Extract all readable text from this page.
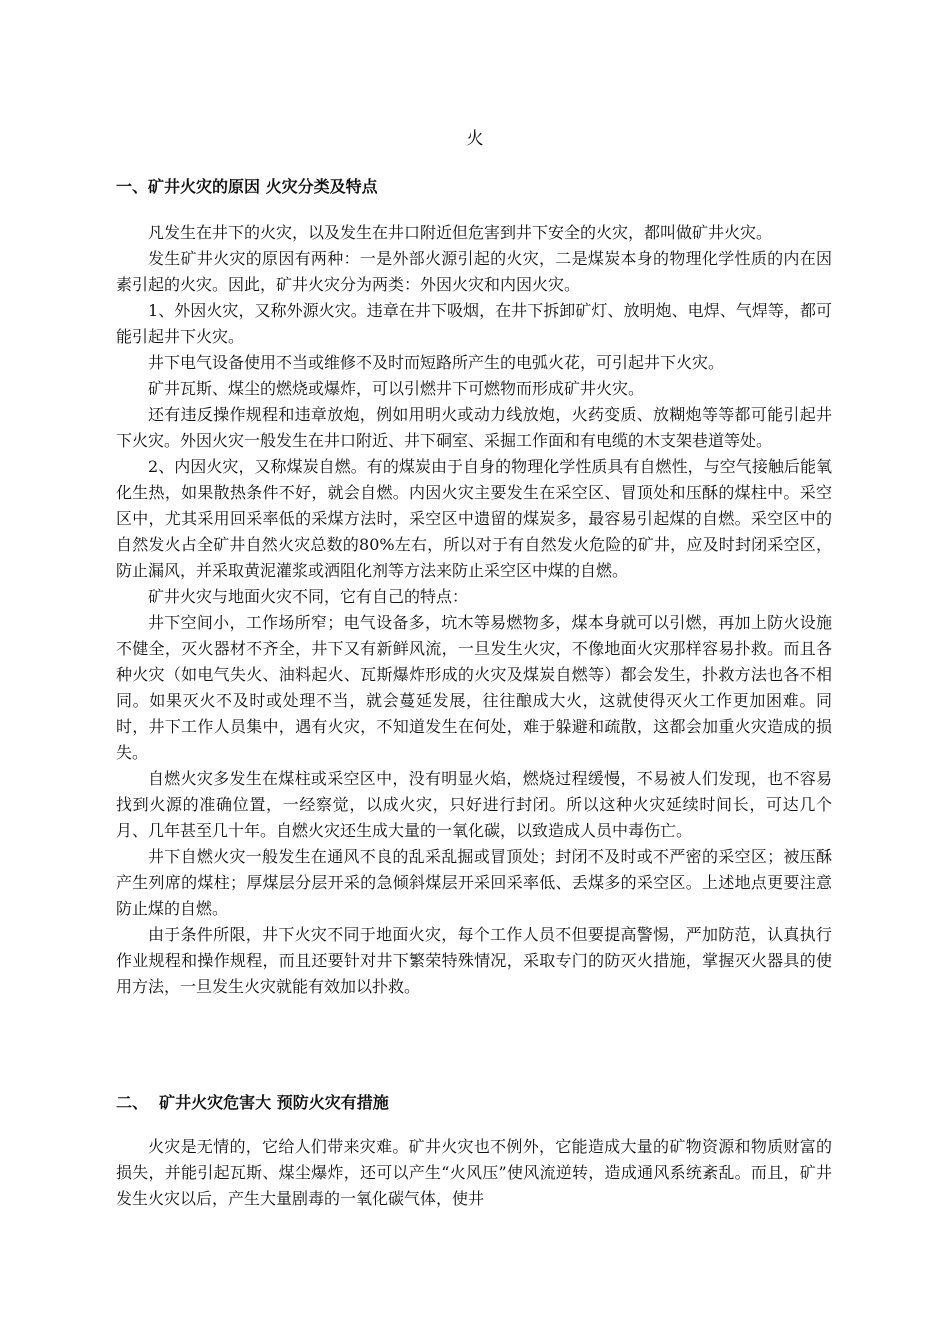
火
一、矿井火灾的原因 火灾分类及特点

凡发生在井下的火灾，以及发生在井口附近但危害到井下安全的火灾，都叫做矿井火灾。

发生矿井火灾的原因有两种：一是外部火源引起的火灾，二是煤炭本身的物理化学性质的内在因素引起的火灾。因此，矿井火灾分为两类：外因火灾和内因火灾。

1、外因火灾，又称外源火灾。违章在井下吸烟，在井下拆卸矿灯、放明炮、电焊、气焊等，都可能引起井下火灾。

井下电气设备使用不当或维修不及时而短路所产生的电弧火花，可引起井下火灾。

矿井瓦斯、煤尘的燃烧或爆炸，可以引燃井下可燃物而形成矿井火灾。

还有违反操作规程和违章放炮，例如用明火或动力线放炮，火药变质、放糊炮等等都可能引起井下火灾。外因火灾一般发生在井口附近、井下硐室、采掘工作面和有电缆的木支架巷道等处。

2、内因火灾，又称煤炭自燃。有的煤炭由于自身的物理化学性质具有自燃性，与空气接触后能氧化生热，如果散热条件不好，就会自燃。内因火灾主要发生在采空区、冒顶处和压酥的煤柱中。采空区中，尤其采用回采率低的采煤方法时，采空区中遗留的煤炭多，最容易引起煤的自燃。采空区中的自然发火占全矿井自然火灾总数的80%左右，所以对于有自然发火危险的矿井，应及时封闭采空区，防止漏风，并采取黄泥灌浆或洒阻化剂等方法来防止采空区中煤的自燃。

矿井火灾与地面火灾不同，它有自己的特点：

井下空间小，工作场所窄；电气设备多，坑木等易燃物多，煤本身就可以引燃，再加上防火设施不健全，灭火器材不齐全，井下又有新鲜风流，一旦发生火灾，不像地面火灾那样容易扑救。而且各种火灾（如电气失火、油料起火、瓦斯爆炸形成的火灾及煤炭自燃等）都会发生，扑救方法也各不相同。如果灭火不及时或处理不当，就会蔓延发展，往往酿成大火，这就使得灭火工作更加困难。同时，井下工作人员集中，遇有火灾，不知道发生在何处，难于躲避和疏散，这都会加重火灾造成的损失。

自燃火灾多发生在煤柱或采空区中，没有明显火焰，燃烧过程缓慢，不易被人们发现，也不容易找到火源的准确位置，一经察觉，以成火灾，只好进行封闭。所以这种火灾延续时间长，可达几个月、几年甚至几十年。自燃火灾还生成大量的一氧化碳，以致造成人员中毒伤亡。

井下自燃火灾一般发生在通风不良的乱采乱掘或冒顶处；封闭不及时或不严密的采空区；被压酥产生列席的煤柱；厚煤层分层开采的急倾斜煤层开采回采率低、丢煤多的采空区。上述地点更要注意防止煤的自燃。

由于条件所限，井下火灾不同于地面火灾，每个工作人员不但要提高警惕，严加防范，认真执行作业规程和操作规程，而且还要针对井下繁荣特殊情况，采取专门的防灭火措施，掌握灭火器具的使用方法，一旦发生火灾就能有效加以扑救。

二、  矿井火灾危害大 预防火灾有措施

火灾是无情的，它给人们带来灾难。矿井火灾也不例外，它能造成大量的矿物资源和物质财富的损失，并能引起瓦斯、煤尘爆炸，还可以产生“火风压”使风流逆转，造成通风系统紊乱。而且，矿井发生火灾以后，产生大量剧毒的一氧化碳气体，使井
